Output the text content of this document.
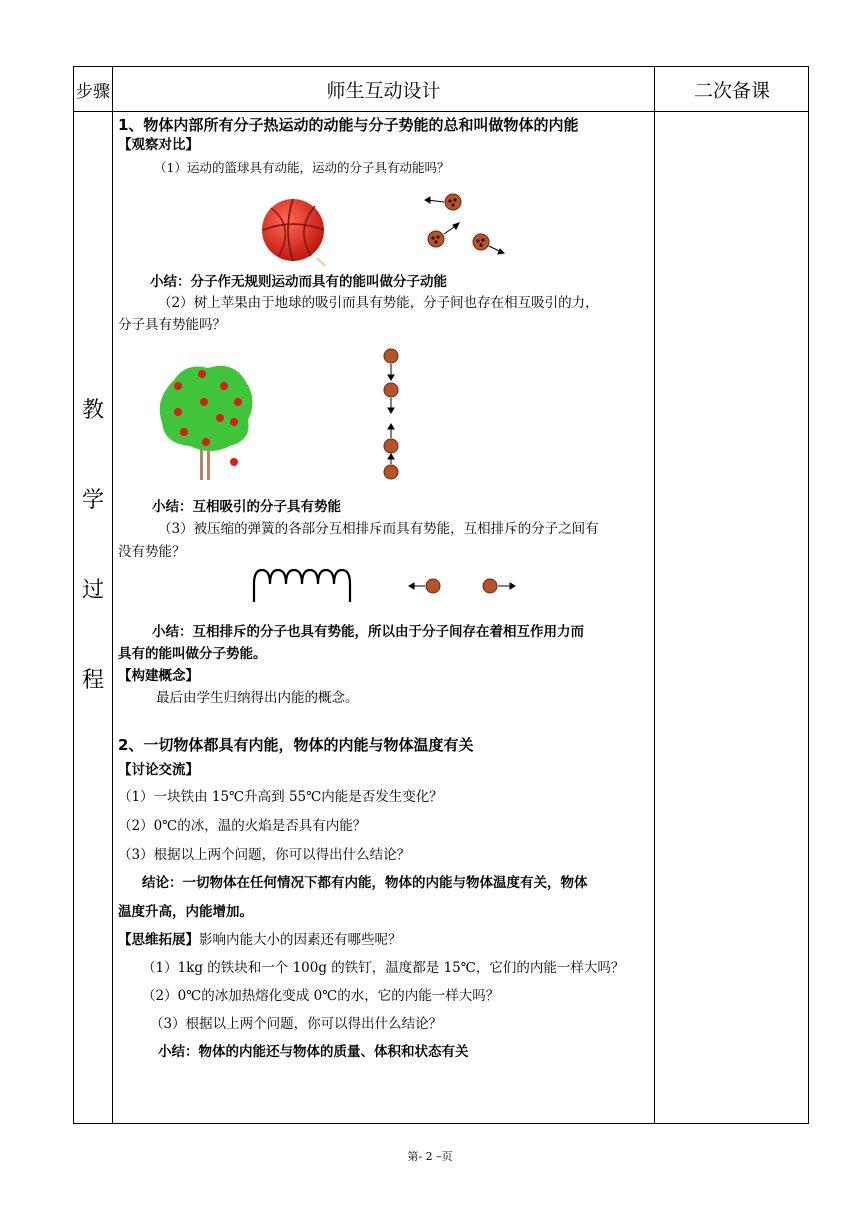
步骤	师生互动设计	二次备课
教
学
过
程
1、物体内部所有分子热运动的动能与分子势能的总和叫做物体的内能
【观察对比】
（1）运动的篮球具有动能，运动的分子具有动能吗？
小结：分子作无规则运动而具有的能叫做分子动能
（2）树上苹果由于地球的吸引而具有势能，分子间也存在相互吸引的力，
分子具有势能吗？
小结：互相吸引的分子具有势能
（3）被压缩的弹簧的各部分互相排斥而具有势能，互相排斥的分子之间有
没有势能？
小结：互相排斥的分子也具有势能，所以由于分子间存在着相互作用力而
具有的能叫做分子势能。
【构建概念】
最后由学生归纳得出内能的概念。
2、一切物体都具有内能，物体的内能与物体温度有关
【讨论交流】
（1）一块铁由 15℃升高到 55℃内能是否发生变化？
（2）0℃的冰，温的火焰是否具有内能？
（3）根据以上两个问题，你可以得出什么结论？
结论：一切物体在任何情况下都有内能，物体的内能与物体温度有关，物体
温度升高，内能增加。
【思维拓展】影响内能大小的因素还有哪些呢？
（1）1kg 的铁块和一个 100g 的铁钉，温度都是 15℃，它们的内能一样大吗？
（2）0℃的冰加热熔化变成 0℃的水，它的内能一样大吗？
（3）根据以上两个问题，你可以得出什么结论？
小结：物体的内能还与物体的质量、体积和状态有关
第- 2 –页
